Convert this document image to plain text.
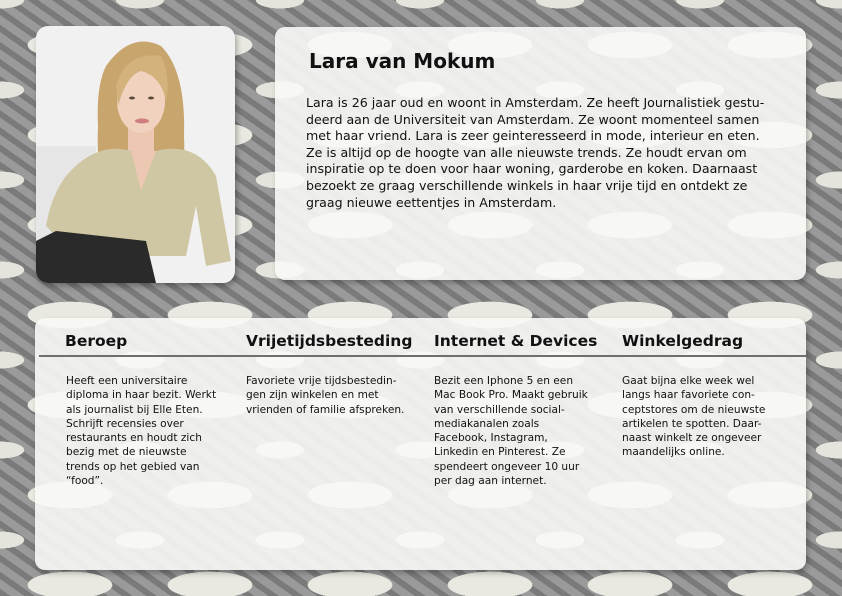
Lara van Mokum

Lara is 26 jaar oud en woont in Amsterdam. Ze heeft Journalistiek gestu-deerd aan de Universiteit van Amsterdam. Ze woont momenteel samen met haar vriend. Lara is zeer geinteresseerd in mode, interieur en eten. Ze is altijd op de hoogte van alle nieuwste trends. Ze houdt ervan om inspiratie op te doen voor haar woning, garderobe en koken. Daarnaast bezoekt ze graag verschillende winkels in haar vrije tijd en ontdekt ze graag nieuwe eettentjes in Amsterdam.

Beroep	Vrijetijdsbesteding Internet & Devices Winkelgedrag

Heeft een universitaire diploma in haar bezit. Werkt als journalist bij Elle Eten. Schrijft recensies over restaurants en houdt zich bezig met de nieuwste trends op het gebied van “food”.

Favoriete vrije tijdsbestedin-gen zijn winkelen en met vrienden of familie afspreken.

Bezit een Iphone 5 en een Mac Book Pro. Maakt gebruik van verschillende social-mediakanalen zoals Facebook, Instagram, Linkedin en Pinterest. Ze spendeert ongeveer 10 uur per dag aan internet.

Gaat bijna elke week wel langs haar favoriete con-ceptstores om de nieuwste artikelen te spotten. Daar-naast winkelt ze ongeveer maandelijks online.
